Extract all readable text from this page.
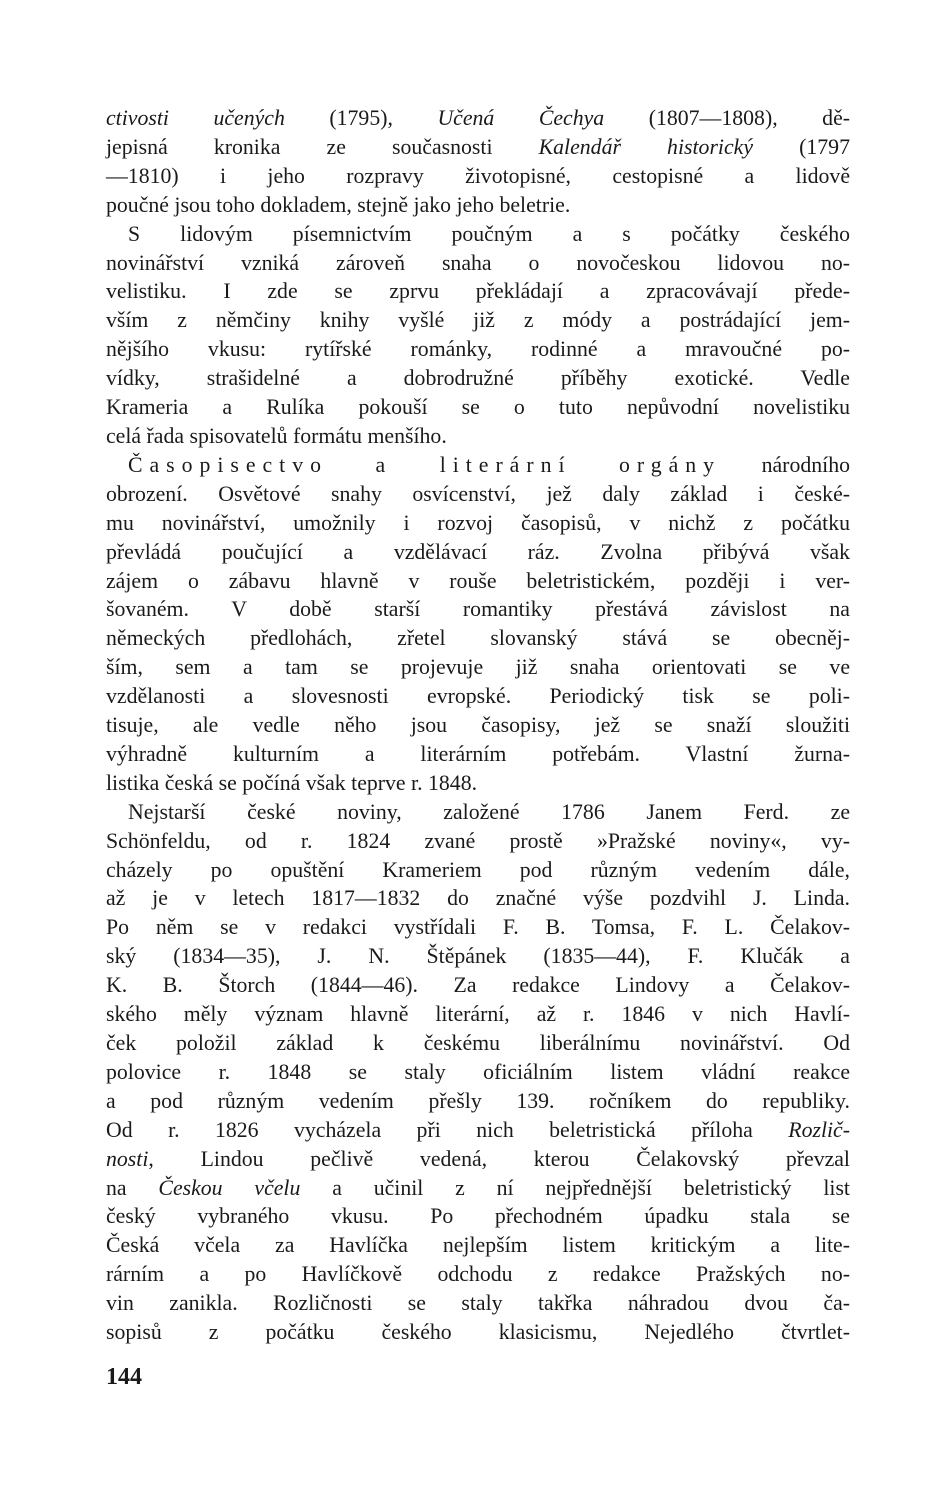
ctivosti učených (1795), Učená Čechya (1807—1808), dě-
jepisná kronika ze současnosti Kalendář historický (1797
—1810) i jeho rozpravy životopisné, cestopisné a lidově
poučné jsou toho dokladem, stejně jako jeho beletrie.
S lidovým písemnictvím poučným a s počátky českého
novinářství vzniká zároveň snaha o novočeskou lidovou no-
velistiku. I zde se zprvu překládají a zpracovávají přede-
vším z němčiny knihy vyšlé již z módy a postrádající jem-
nějšího vkusu: rytířské románky, rodinné a mravoučné po-
vídky, strašidelné a dobrodružné příběhy exotické. Vedle
Krameria a Rulíka pokouší se o tuto nepůvodní novelistiku
celá řada spisovatelů formátu menšího.
Časopisectvo a literární orgány národního
obrození. Osvětové snahy osvícenství, jež daly základ i české-
mu novinářství, umožnily i rozvoj časopisů, v nichž z počátku
převládá poučující a vzdělávací ráz. Zvolna přibývá však
zájem o zábavu hlavně v rouše beletristickém, později i ver-
šovaném. V době starší romantiky přestává závislost na
německých předlohách, zřetel slovanský stává se obecněj-
ším, sem a tam se projevuje již snaha orientovati se ve
vzdělanosti a slovesnosti evropské. Periodický tisk se poli-
tisuje, ale vedle něho jsou časopisy, jež se snaží sloužiti
výhradně kulturním a literárním potřebám. Vlastní žurna-
listika česká se počíná však teprve r. 1848.
Nejstarší české noviny, založené 1786 Janem Ferd. ze
Schönfeldu, od r. 1824 zvané prostě »Pražské noviny«, vy-
cházely po opuštění Krameriem pod různým vedením dále,
až je v letech 1817—1832 do značné výše pozdvihl J. Linda.
Po něm se v redakci vystřídali F. B. Tomsa, F. L. Čelakov-
ský (1834—35), J. N. Štěpánek (1835—44), F. Klučák a
K. B. Štorch (1844—46). Za redakce Lindovy a Čelakov-
ského měly význam hlavně literární, až r. 1846 v nich Havlí-
ček položil základ k českému liberálnímu novinářství. Od
polovice r. 1848 se staly oficiálním listem vládní reakce
a pod různým vedením přešly 139. ročníkem do republiky.
Od r. 1826 vycházela při nich beletristická příloha Rozlič-
nosti, Lindou pečlivě vedená, kterou Čelakovský převzal
na Českou včelu a učinil z ní nejpřednější beletristický list
český vybraného vkusu. Po přechodném úpadku stala se
Česká včela za Havlíčka nejlepším listem kritickým a lite-
rárním a po Havlíčkově odchodu z redakce Pražských no-
vin zanikla. Rozličnosti se staly takřka náhradou dvou ča-
sopisů z počátku českého klasicismu, Nejedlého čtvrtlet-
144
